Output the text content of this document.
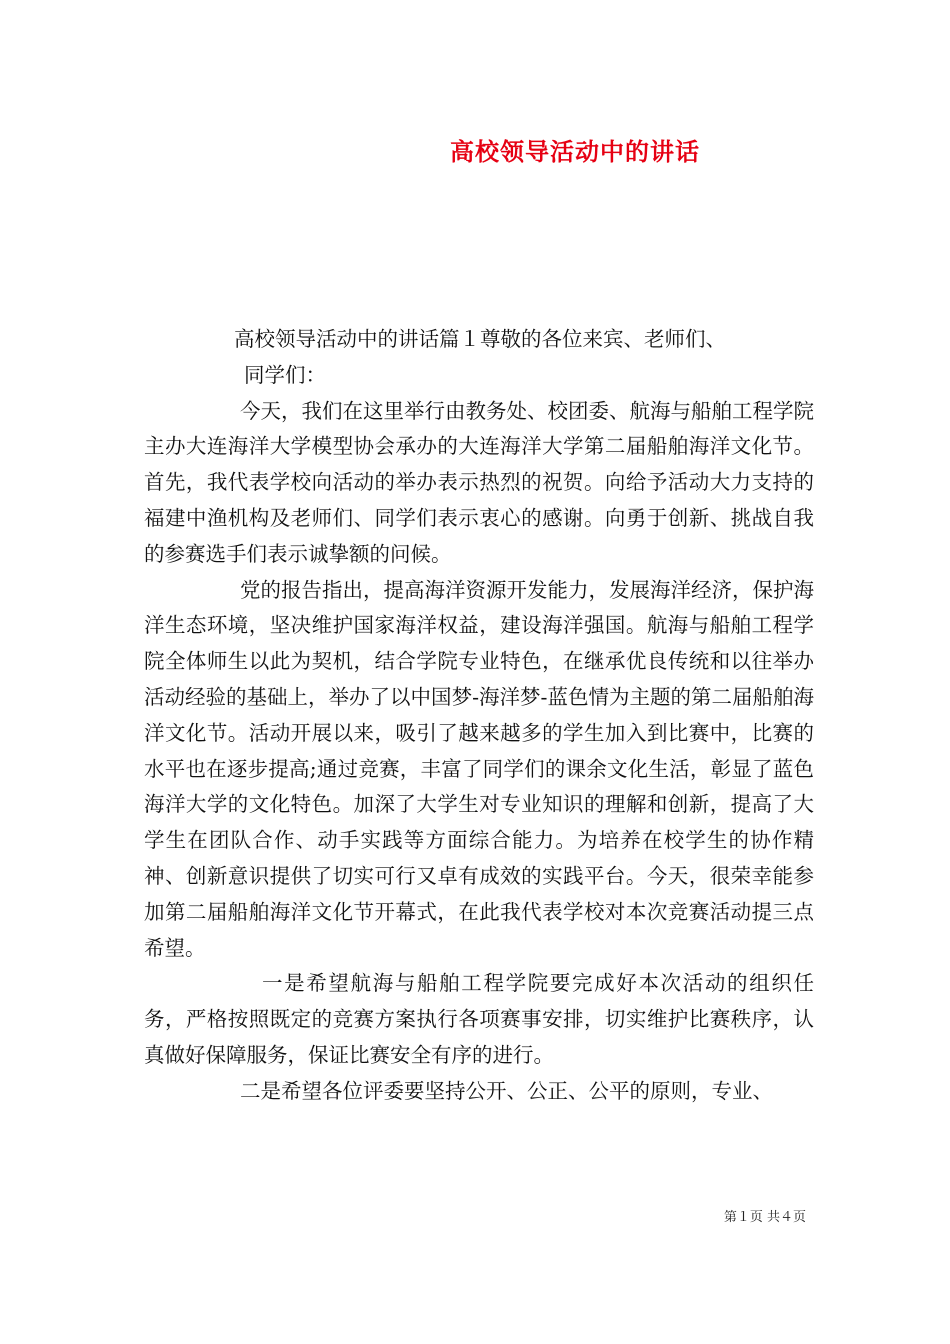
高校领导活动中的讲话

高校领导活动中的讲话篇１尊敬的各位来宾、老师们、

同学们：

今天，我们在这里举行由教务处、校团委、航海与船舶工程学院主办大连海洋大学模型协会承办的大连海洋大学第二届船舶海洋文化节。首先，我代表学校向活动的举办表示热烈的祝贺。向给予活动大力支持的福建中渔机构及老师们、同学们表示衷心的感谢。向勇于创新、挑战自我的参赛选手们表示诚挚额的问候。

党的报告指出，提高海洋资源开发能力，发展海洋经济，保护海洋生态环境，坚决维护国家海洋权益，建设海洋强国。航海与船舶工程学院全体师生以此为契机，结合学院专业特色，在继承优良传统和以往举办活动经验的基础上，举办了以中国梦-海洋梦-蓝色情为主题的第二届船舶海洋文化节。活动开展以来，吸引了越来越多的学生加入到比赛中，比赛的水平也在逐步提高;通过竞赛，丰富了同学们的课余文化生活，彰显了蓝色海洋大学的文化特色。加深了大学生对专业知识的理解和创新，提高了大学生在团队合作、动手实践等方面综合能力。为培养在校学生的协作精神、创新意识提供了切实可行又卓有成效的实践平台。今天，很荣幸能参加第二届船舶海洋文化节开幕式，在此我代表学校对本次竞赛活动提三点希望。

一是希望航海与船舶工程学院要完成好本次活动的组织任务，严格按照既定的竞赛方案执行各项赛事安排，切实维护比赛秩序，认真做好保障服务，保证比赛安全有序的进行。

二是希望各位评委要坚持公开、公正、公平的原则，专业、

第１页 共４页
